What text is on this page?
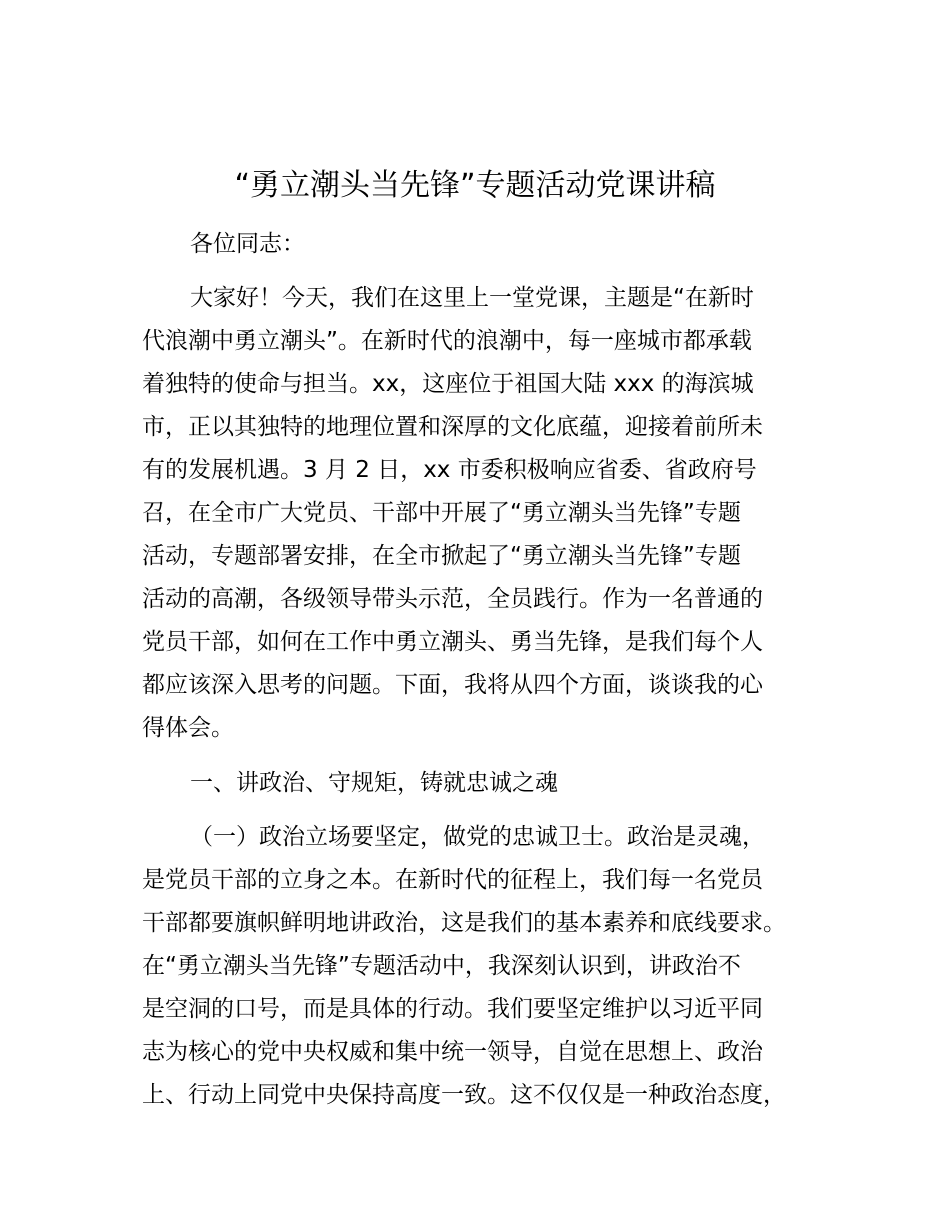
“勇立潮头当先锋”专题活动党课讲稿
各位同志：
大家好！今天，我们在这里上一堂党课，主题是“在新时
代浪潮中勇立潮头”。在新时代的浪潮中，每一座城市都承载
着独特的使命与担当。xx，这座位于祖国大陆 xxx 的海滨城
市，正以其独特的地理位置和深厚的文化底蕴，迎接着前所未
有的发展机遇。3 月 2 日，xx 市委积极响应省委、省政府号
召，在全市广大党员、干部中开展了“勇立潮头当先锋”专题
活动，专题部署安排，在全市掀起了“勇立潮头当先锋”专题
活动的高潮，各级领导带头示范，全员践行。作为一名普通的
党员干部，如何在工作中勇立潮头、勇当先锋，是我们每个人
都应该深入思考的问题。下面，我将从四个方面，谈谈我的心
得体会。
一、讲政治、守规矩，铸就忠诚之魂
（一）政治立场要坚定，做党的忠诚卫士。政治是灵魂，
是党员干部的立身之本。在新时代的征程上，我们每一名党员
干部都要旗帜鲜明地讲政治，这是我们的基本素养和底线要求。
在“勇立潮头当先锋”专题活动中，我深刻认识到，讲政治不
是空洞的口号，而是具体的行动。我们要坚定维护以习近平同
志为核心的党中央权威和集中统一领导，自觉在思想上、政治
上、行动上同党中央保持高度一致。这不仅仅是一种政治态度，
